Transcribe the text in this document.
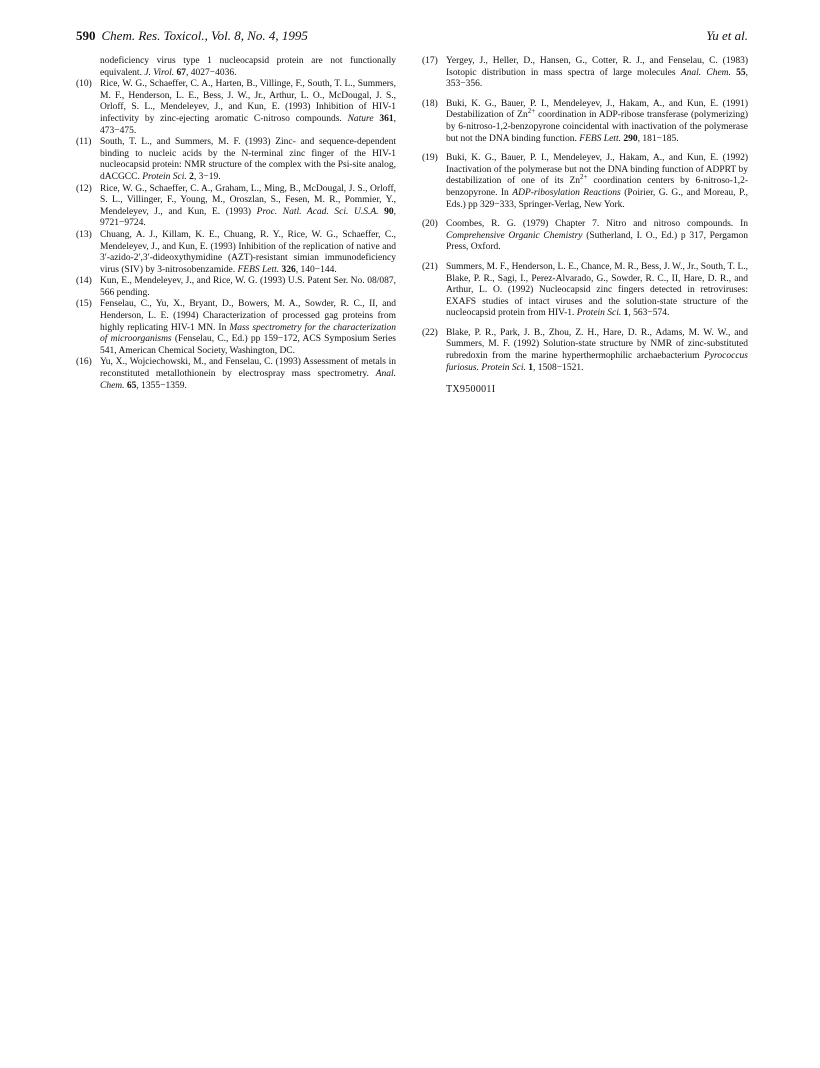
590 Chem. Res. Toxicol., Vol. 8, No. 4, 1995	Yu et al.

nodeficiency virus type 1 nucleocapsid protein are not functionally equivalent. J. Virol. 67, 4027−4036.

(10) Rice, W. G., Schaeffer, C. A., Harten, B., Villinge, F., South, T. L., Summers, M. F., Henderson, L. E., Bess, J. W., Jr., Arthur, L. O., McDougal, J. S., Orloff, S. L., Mendeleyev, J., and Kun, E. (1993) Inhibition of HIV-1 infectivity by zinc-ejecting aromatic C-nitroso compounds. Nature 361, 473−475.

(11) South, T. L., and Summers, M. F. (1993) Zinc- and sequence-dependent binding to nucleic acids by the N-terminal zinc finger of the HIV-1 nucleocapsid protein: NMR structure of the complex with the Psi-site analog, dACGCC. Protein Sci. 2, 3−19.

(12) Rice, W. G., Schaeffer, C. A., Graham, L., Ming, B., McDougal, J. S., Orloff, S. L., Villinger, F., Young, M., Oroszlan, S., Fesen, M. R., Pommier, Y., Mendeleyev, J., and Kun, E. (1993) Proc. Natl. Acad. Sci. U.S.A. 90, 9721−9724.

(13) Chuang, A. J., Killam, K. E., Chuang, R. Y., Rice, W. G., Schaeffer, C., Mendeleyev, J., and Kun, E. (1993) Inhibition of the replication of native and 3′-azido-2′,3′-dideoxythymidine (AZT)-resistant simian immunodeficiency virus (SIV) by 3-nitrosobenzamide. FEBS Lett. 326, 140−144.

(14) Kun, E., Mendeleyev, J., and Rice, W. G. (1993) U.S. Patent Ser. No. 08/087, 566 pending.

(15) Fenselau, C., Yu, X., Bryant, D., Bowers, M. A., Sowder, R. C., II, and Henderson, L. E. (1994) Characterization of processed gag proteins from highly replicating HIV-1 MN. In Mass spectrometry for the characterization of microorganisms (Fenselau, C., Ed.) pp 159−172, ACS Symposium Series 541, American Chemical Society, Washington, DC.

(16) Yu, X., Wojciechowski, M., and Fenselau, C. (1993) Assessment of metals in reconstituted metallothionein by electrospray mass spectrometry. Anal. Chem. 65, 1355−1359.

(17) Yergey, J., Heller, D., Hansen, G., Cotter, R. J., and Fenselau, C. (1983) Isotopic distribution in mass spectra of large molecules Anal. Chem. 55, 353−356.

(18) Buki, K. G., Bauer, P. I., Mendeleyev, J., Hakam, A., and Kun, E. (1991) Destabilization of $Zn^{2+}$ coordination in ADP-ribose transferase (polymerizing) by 6-nitroso-1,2-benzopyrone coincidental with inactivation of the polymerase but not the DNA binding function. FEBS Lett. 290, 181−185.

(19) Buki, K. G., Bauer, P. I., Mendeleyev, J., Hakam, A., and Kun, E. (1992) Inactivation of the polymerase but not the DNA binding function of ADPRT by destabilization of one of its $Zn^{2+}$ coordination centers by 6-nitroso-1,2-benzopyrone. In ADP-ribosylation Reactions (Poirier, G. G., and Moreau, P., Eds.) pp 329−333, Springer-Verlag, New York.

(20) Coombes, R. G. (1979) Chapter 7. Nitro and nitroso compounds. In Comprehensive Organic Chemistry (Sutherland, I. O., Ed.) p 317, Pergamon Press, Oxford.

(21) Summers, M. F., Henderson, L. E., Chance, M. R., Bess, J. W., Jr., South, T. L., Blake, P. R., Sagi, I., Perez-Alvarado, G., Sowder, R. C., II, Hare, D. R., and Arthur, L. O. (1992) Nucleocapsid zinc fingers detected in retroviruses: EXAFS studies of intact viruses and the solution-state structure of the nucleocapsid protein from HIV-1. Protein Sci. 1, 563−574.

(22) Blake, P. R., Park, J. B., Zhou, Z. H., Hare, D. R., Adams, M. W. W., and Summers, M. F. (1992) Solution-state structure by NMR of zinc-substituted rubredoxin from the marine hyperthermophilic archaebacterium Pyrococcus furiosus. Protein Sci. 1, 1508−1521.

TX950001I
